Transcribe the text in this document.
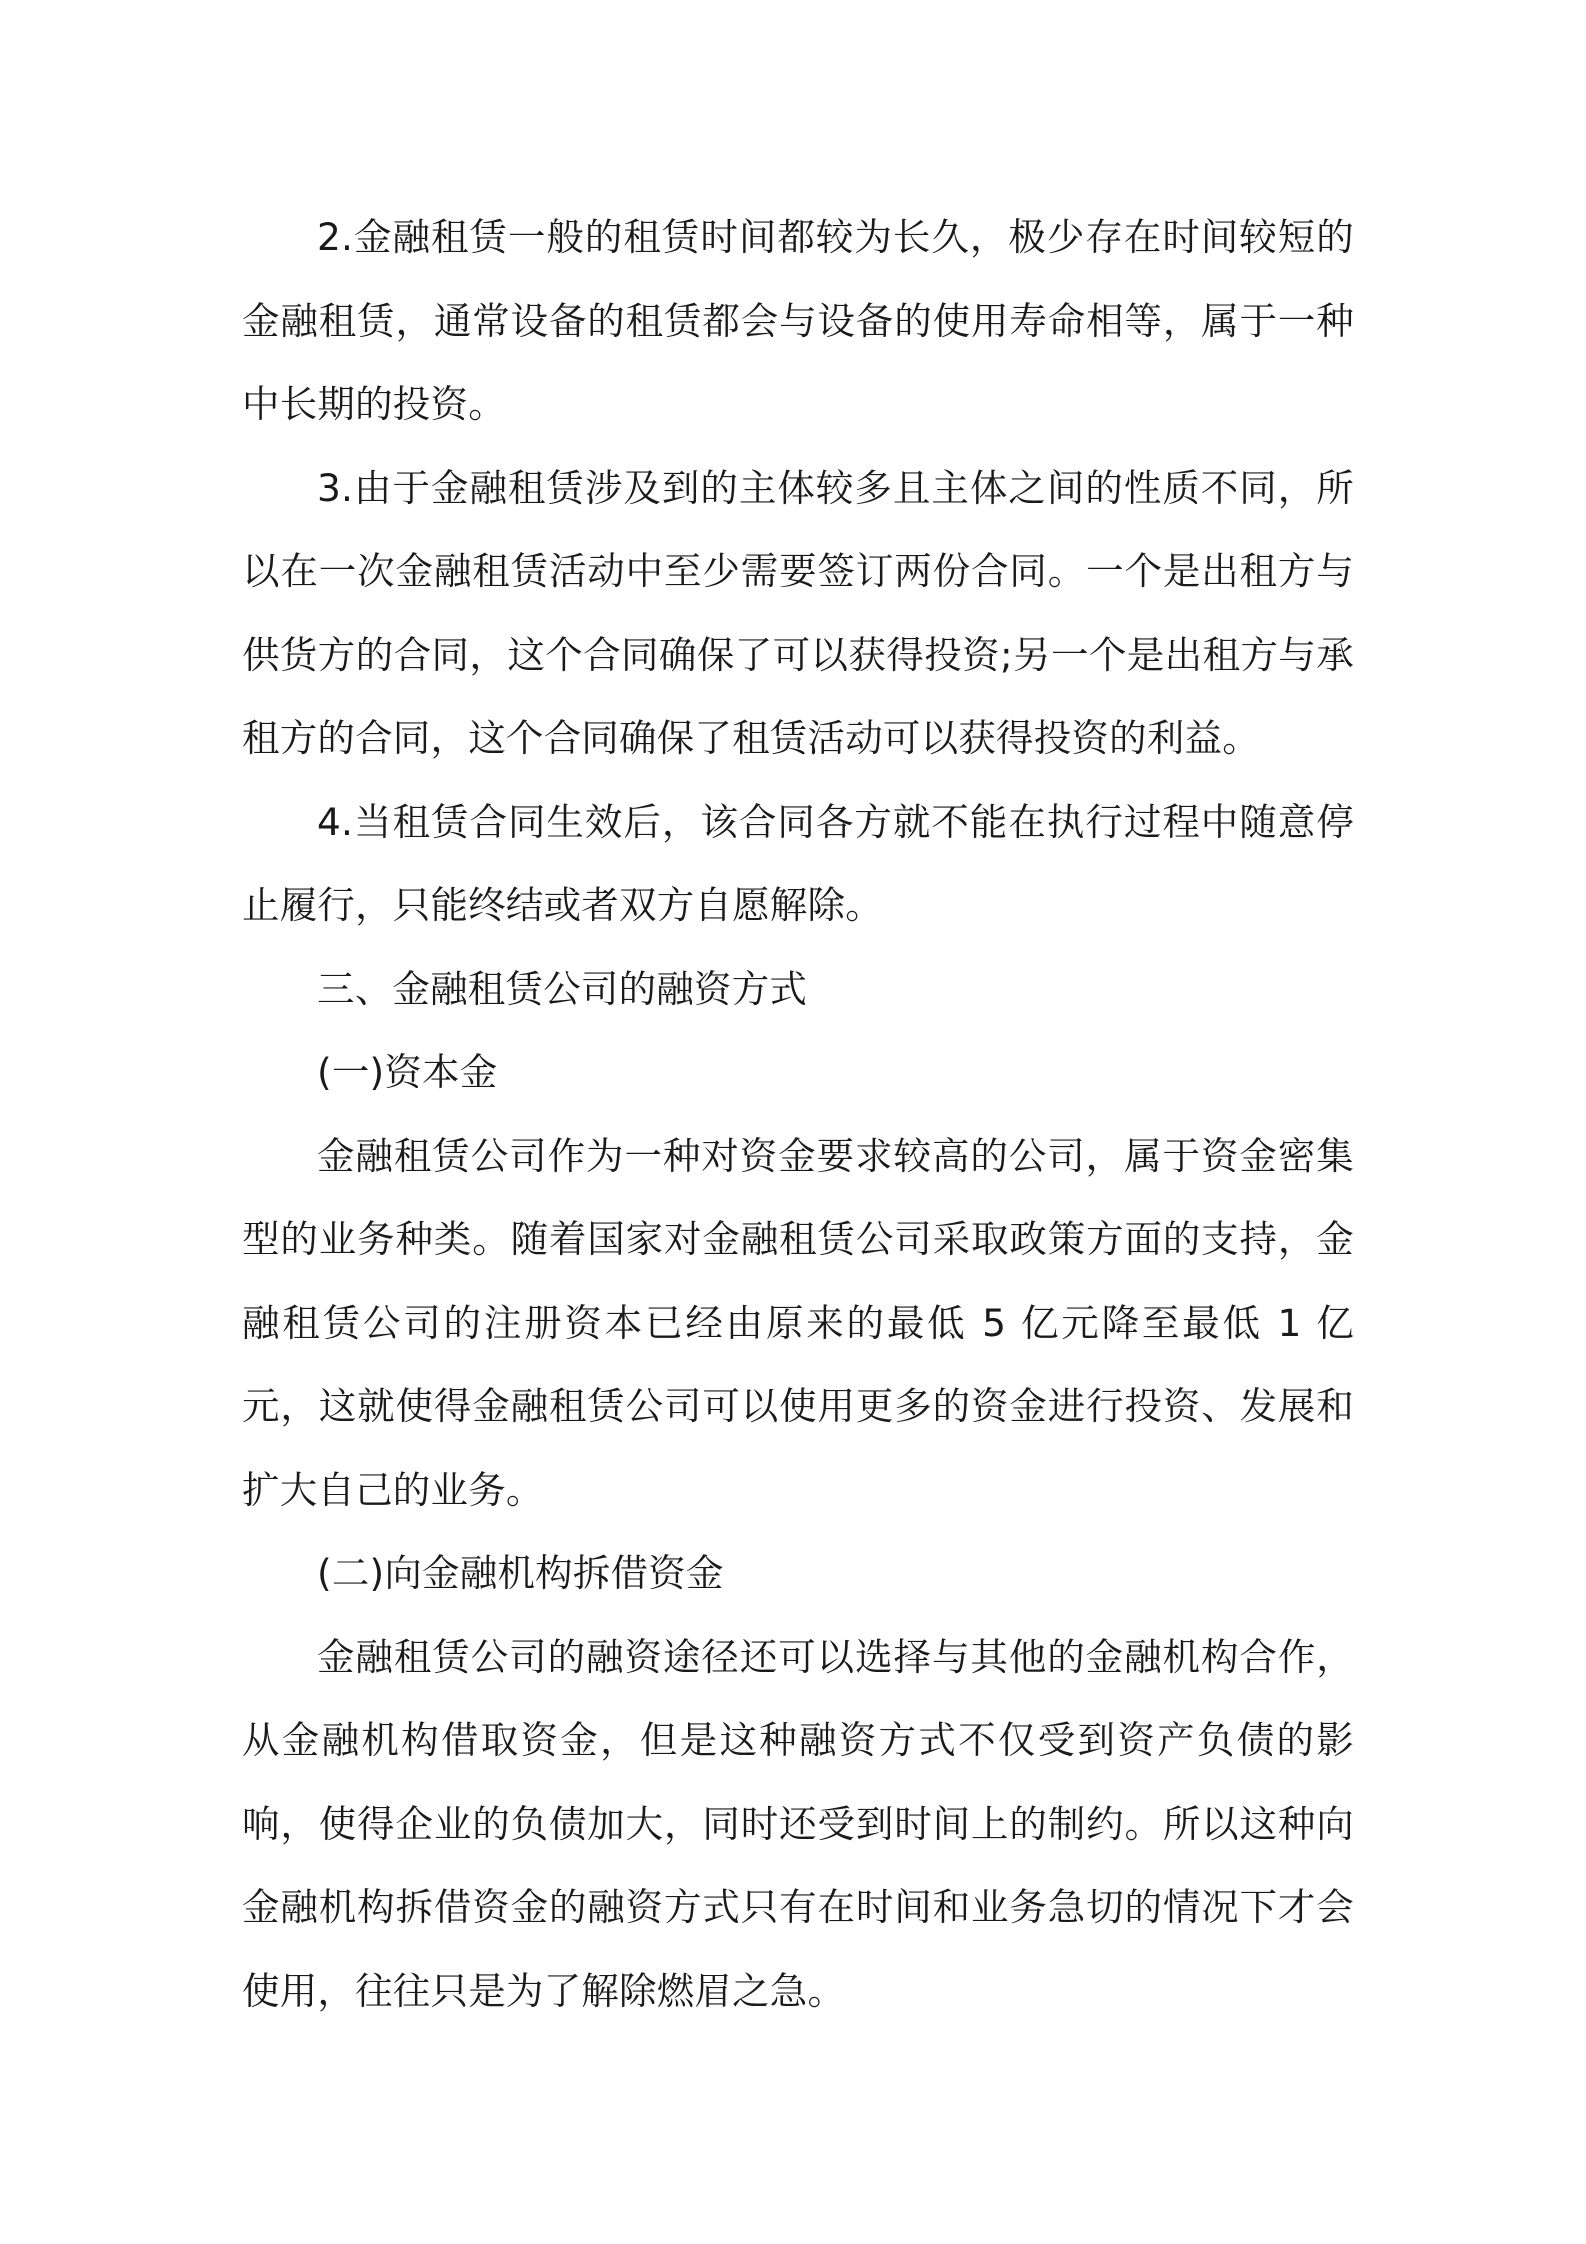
2.金融租赁一般的租赁时间都较为长久，极少存在时间较短的金融租赁，通常设备的租赁都会与设备的使用寿命相等，属于一种中长期的投资。

3.由于金融租赁涉及到的主体较多且主体之间的性质不同，所以在一次金融租赁活动中至少需要签订两份合同。一个是出租方与供货方的合同，这个合同确保了可以获得投资;另一个是出租方与承租方的合同，这个合同确保了租赁活动可以获得投资的利益。

4.当租赁合同生效后，该合同各方就不能在执行过程中随意停止履行，只能终结或者双方自愿解除。

三、金融租赁公司的融资方式

(一)资本金

金融租赁公司作为一种对资金要求较高的公司，属于资金密集型的业务种类。随着国家对金融租赁公司采取政策方面的支持，金融租赁公司的注册资本已经由原来的最低 5 亿元降至最低 1 亿元，这就使得金融租赁公司可以使用更多的资金进行投资、发展和扩大自己的业务。

(二)向金融机构拆借资金

金融租赁公司的融资途径还可以选择与其他的金融机构合作，从金融机构借取资金，但是这种融资方式不仅受到资产负债的影响，使得企业的负债加大，同时还受到时间上的制约。所以这种向金融机构拆借资金的融资方式只有在时间和业务急切的情况下才会使用，往往只是为了解除燃眉之急。
